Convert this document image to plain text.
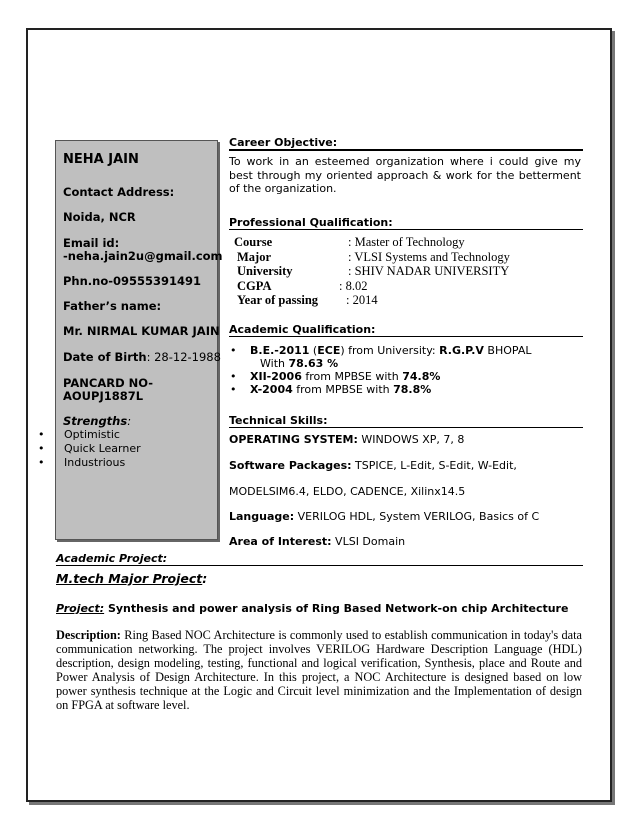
NEHA JAIN
Contact Address:
Noida, NCR
Email id:
-neha.jain2u@gmail.com
Phn.no-09555391491
Father’s name:
Mr. NIRMAL KUMAR JAIN
Date of Birth: 28-12-1988
PANCARD NO-
AOUPJ1887L
Strengths:
• Optimistic
• Quick Learner
• Industrious
Career Objective:
To work in an esteemed organization where i could give my best through my oriented approach & work for the betterment of the organization.
Professional Qualification:
Course	: Master of Technology
Major	: VLSI Systems and Technology
University	: SHIV NADAR UNIVERSITY
CGPA	: 8.02
Year of passing : 2014
Academic Qualification:
• B.E.-2011 (ECE) from University: R.G.P.V BHOPAL
With 78.63 %
• XII-2006 from MPBSE with 74.8%
• X-2004 from MPBSE with 78.8%
Technical Skills:
OPERATING SYSTEM: WINDOWS XP, 7, 8
Software Packages: TSPICE, L-Edit, S-Edit, W-Edit,
MODELSIM6.4, ELDO, CADENCE, Xilinx14.5
Language: VERILOG HDL, System VERILOG, Basics of C
Area of Interest: VLSI Domain
Academic Project:
M.tech Major Project:
Project: Synthesis and power analysis of Ring Based Network-on chip Architecture
Description: Ring Based NOC Architecture is commonly used to establish communication in today's data communication networking. The project involves VERILOG Hardware Description Language (HDL) description, design modeling, testing, functional and logical verification, Synthesis, place and Route and Power Analysis of Design Architecture. In this project, a NOC Architecture is designed based on low power synthesis technique at the Logic and Circuit level minimization and the Implementation of design on FPGA at software level.
